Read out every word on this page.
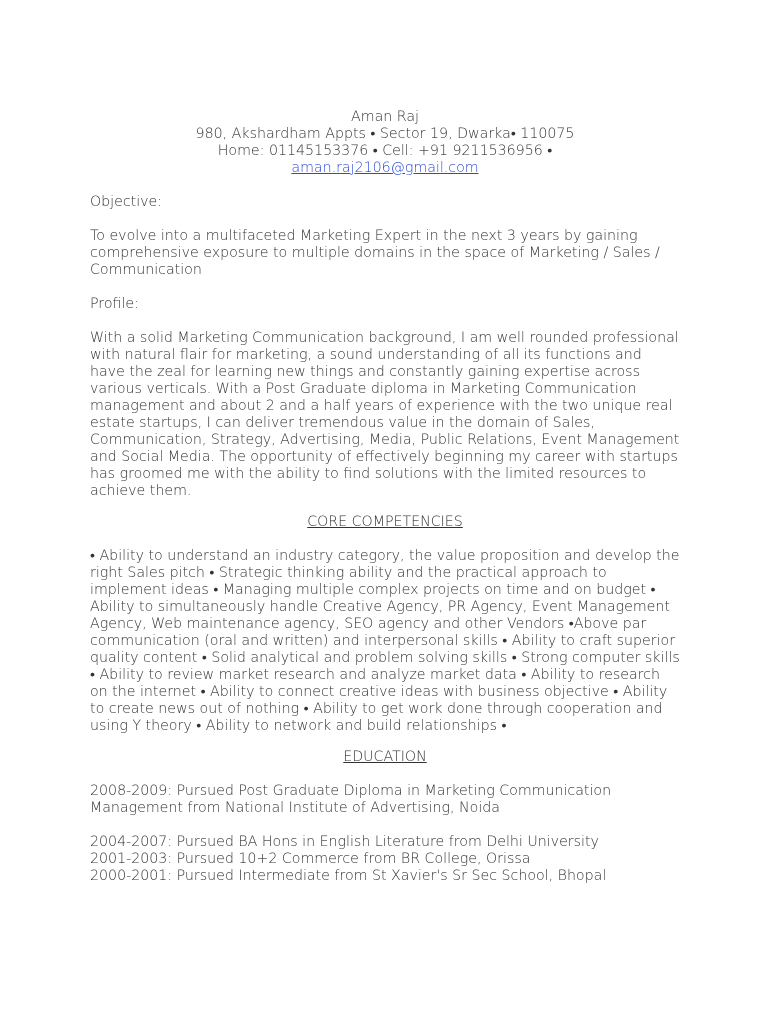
Aman Raj
980, Akshardham Appts • Sector 19, Dwarka• 110075
Home: 01145153376 • Cell: +91 9211536956 •
aman.raj2106@gmail.com

Objective:

To evolve into a multifaceted Marketing Expert in the next 3 years by gaining comprehensive exposure to multiple domains in the space of Marketing / Sales / Communication

Profile:

With a solid Marketing Communication background, I am well rounded professional with natural flair for marketing, a sound understanding of all its functions and have the zeal for learning new things and constantly gaining expertise across various verticals. With a Post Graduate diploma in Marketing Communication management and about 2 and a half years of experience with the two unique real estate startups, I can deliver tremendous value in the domain of Sales, Communication, Strategy, Advertising, Media, Public Relations, Event Management and Social Media. The opportunity of effectively beginning my career with startups has groomed me with the ability to find solutions with the limited resources to achieve them.

CORE COMPETENCIES

• Ability to understand an industry category, the value proposition and develop the right Sales pitch • Strategic thinking ability and the practical approach to implement ideas • Managing multiple complex projects on time and on budget • Ability to simultaneously handle Creative Agency, PR Agency, Event Management Agency, Web maintenance agency, SEO agency and other Vendors •Above par communication (oral and written) and interpersonal skills • Ability to craft superior quality content • Solid analytical and problem solving skills • Strong computer skills • Ability to review market research and analyze market data • Ability to research on the internet • Ability to connect creative ideas with business objective • Ability to create news out of nothing • Ability to get work done through cooperation and using Y theory • Ability to network and build relationships •

EDUCATION

2008-2009: Pursued Post Graduate Diploma in Marketing Communication Management from National Institute of Advertising, Noida

2004-2007: Pursued BA Hons in English Literature from Delhi University
2001-2003: Pursued 10+2 Commerce from BR College, Orissa
2000-2001: Pursued Intermediate from St Xavier's Sr Sec School, Bhopal
